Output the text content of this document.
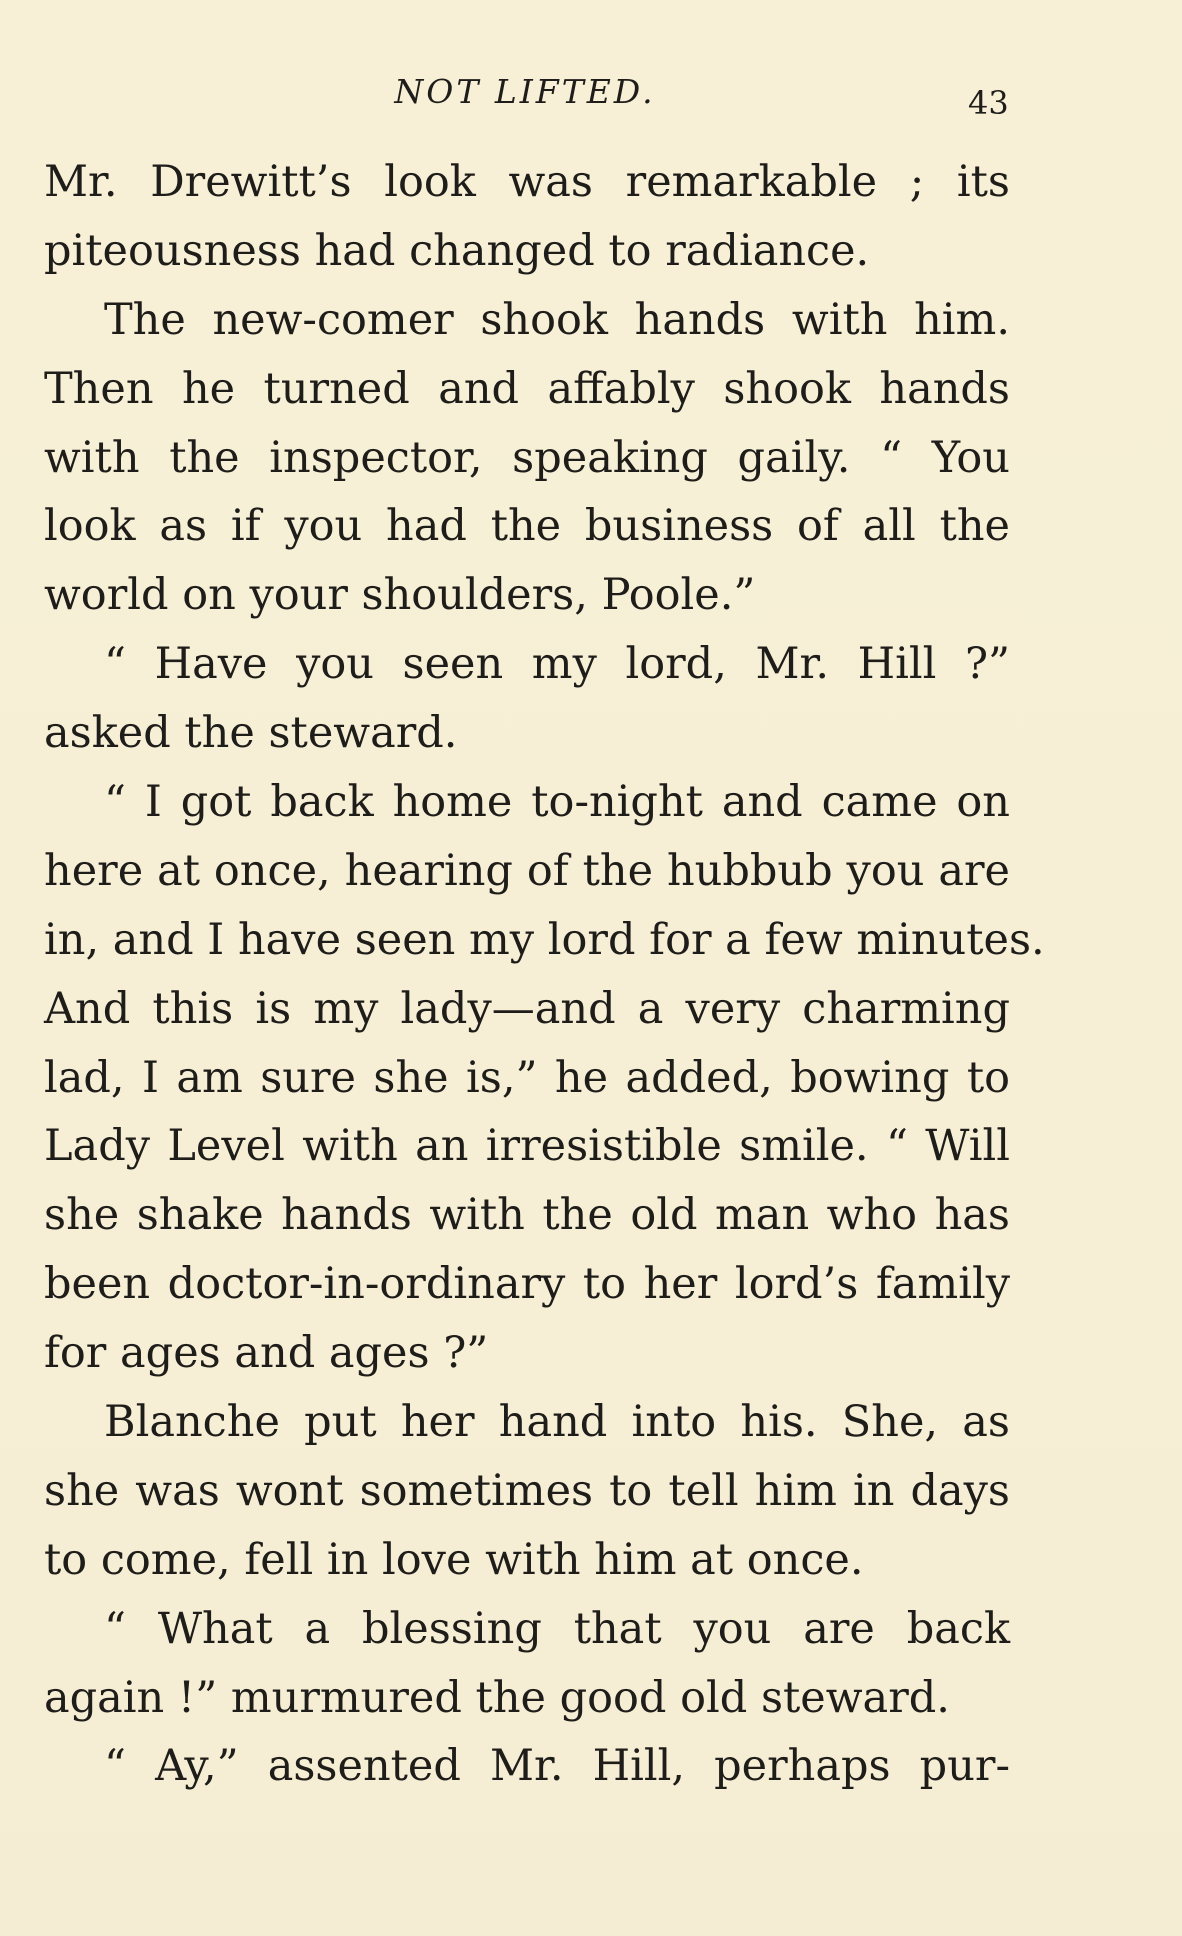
NOT LIFTED.	43
Mr. Drewitt’s look was remarkable ; its
piteousness had changed to radiance.
The new-comer shook hands with him.
Then he turned and affably shook hands
with the inspector, speaking gaily. “ You
look as if you had the business of all the
world on your shoulders, Poole.”
“ Have you seen my lord, Mr. Hill ?”
asked the steward.
“ I got back home to-night and came on
here at once, hearing of the hubbub you are
in, and I have seen my lord for a few minutes.
And this is my lady—and a very charming
lad, I am sure she is,” he added, bowing to
Lady Level with an irresistible smile. “ Will
she shake hands with the old man who has
been doctor-in-ordinary to her lord’s family
for ages and ages ?”
Blanche put her hand into his. She, as
she was wont sometimes to tell him in days
to come, fell in love with him at once.
“ What a blessing that you are back
again !” murmured the good old steward.
“ Ay,” assented Mr. Hill, perhaps pur-
